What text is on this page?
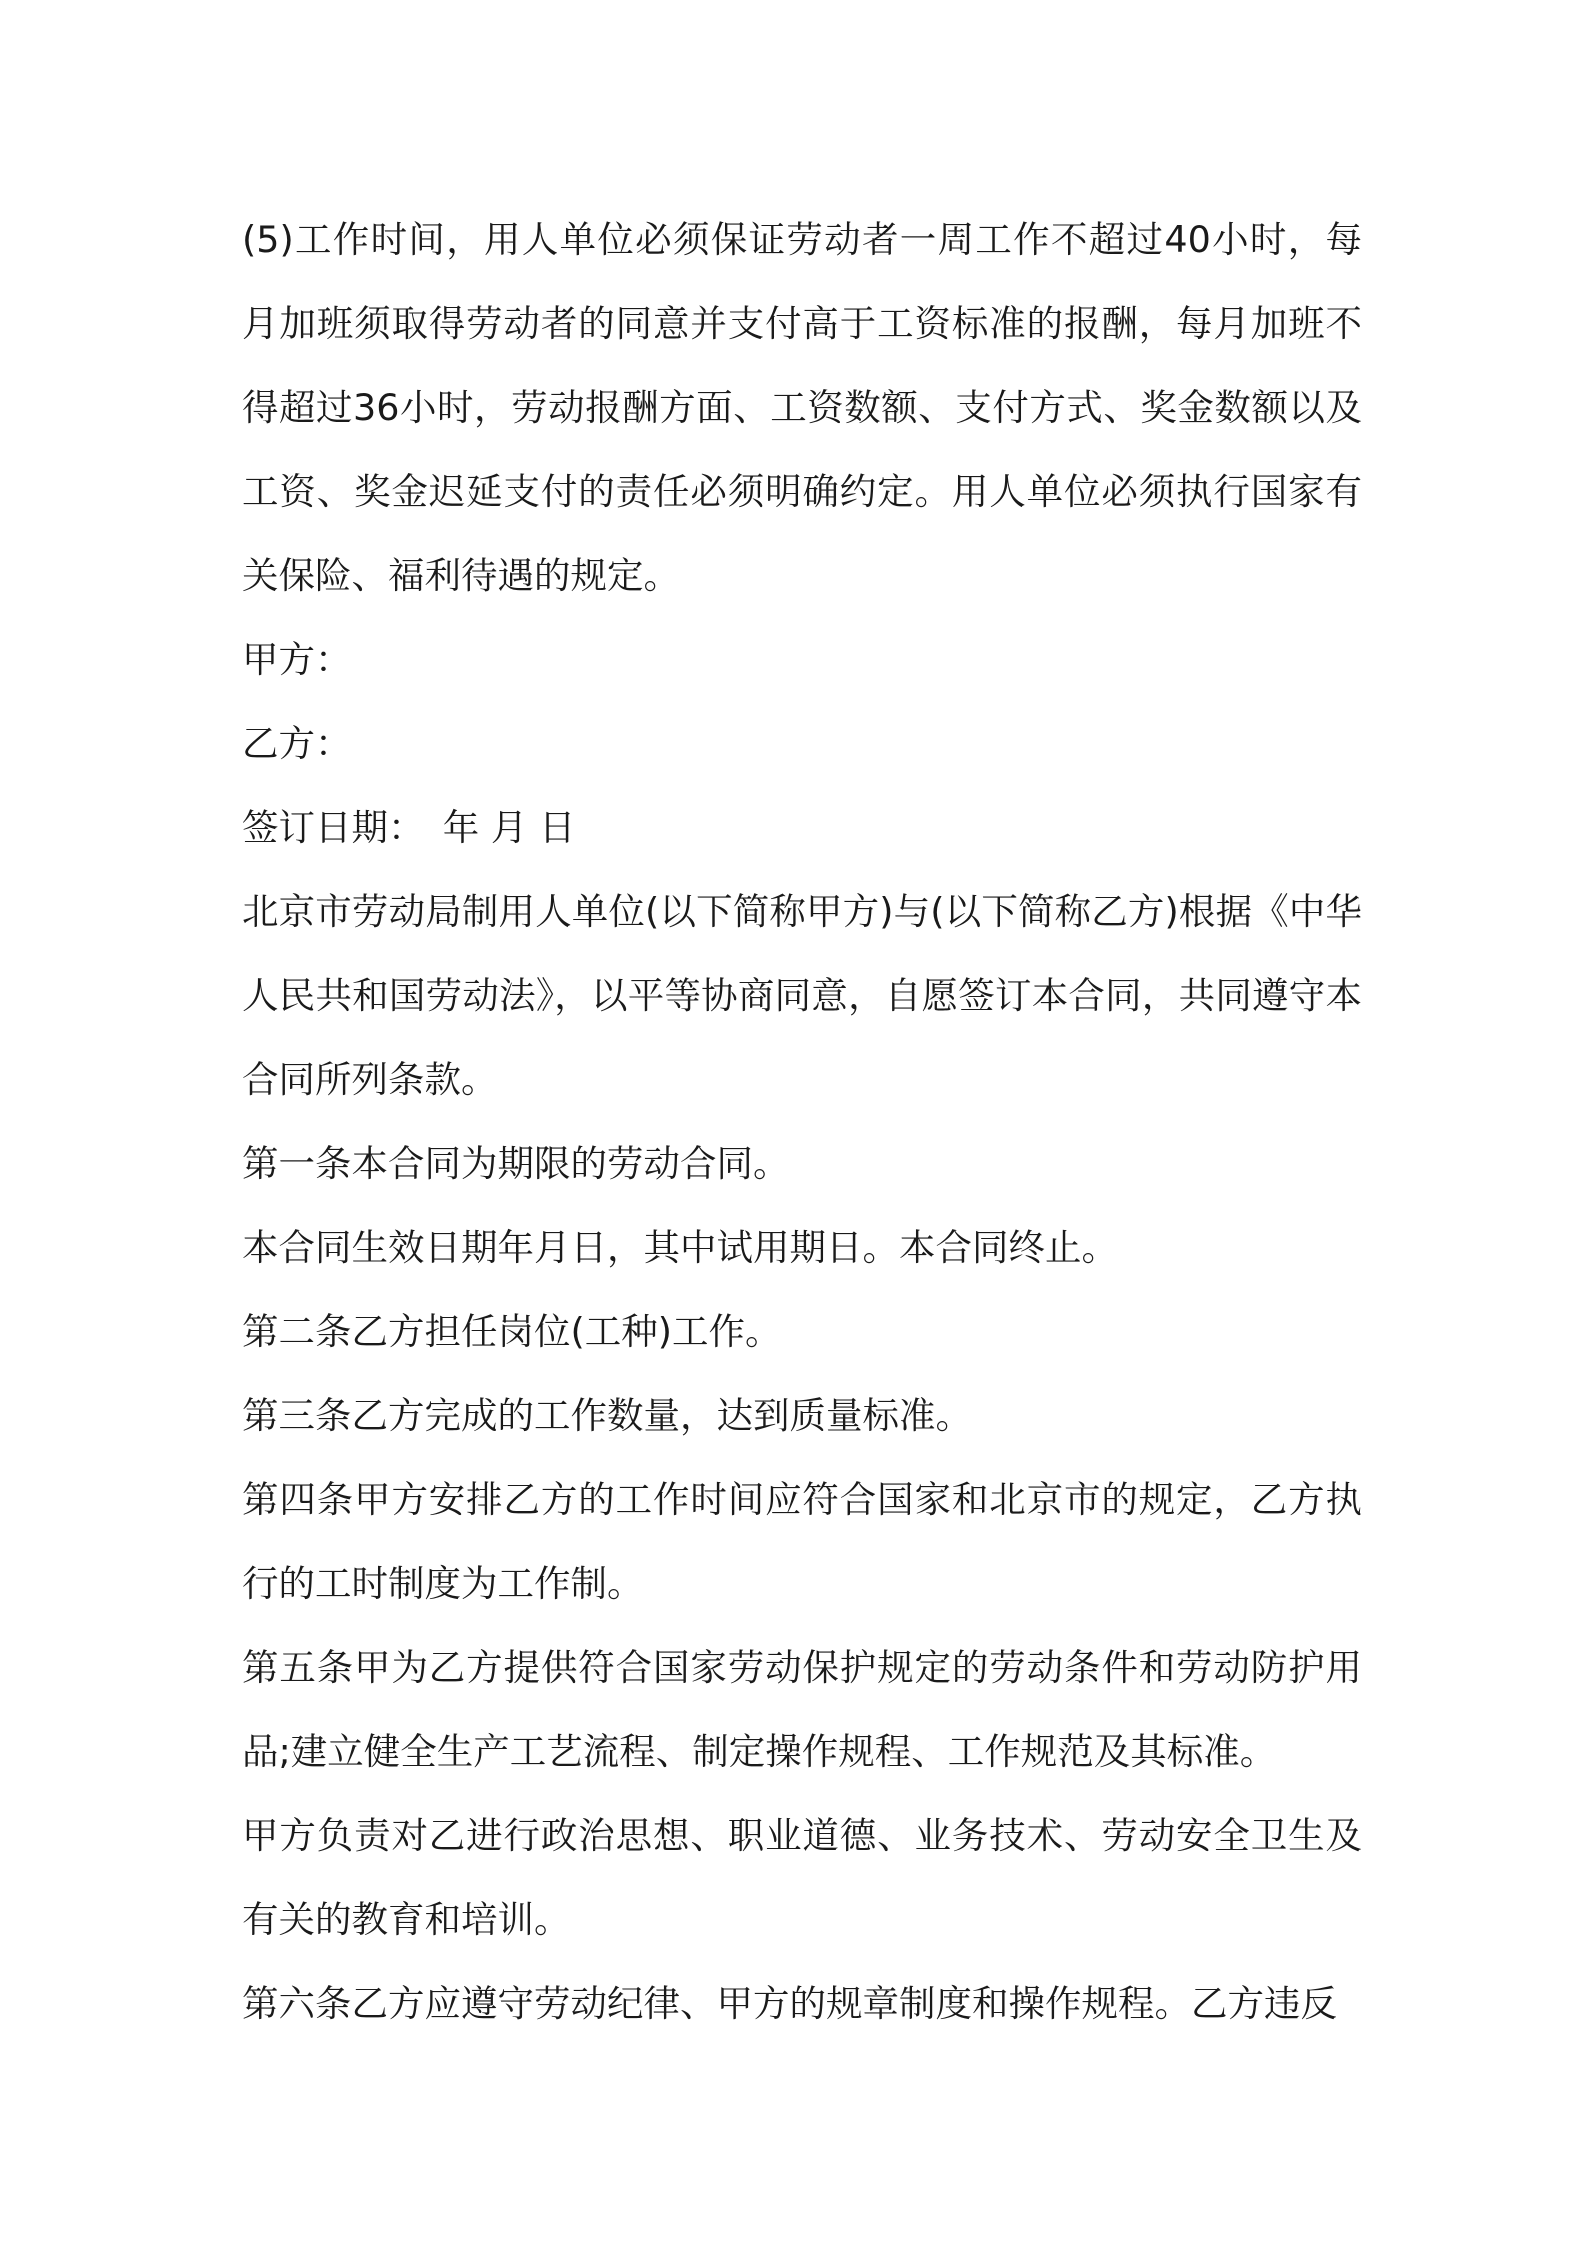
(5)工作时间，用人单位必须保证劳动者一周工作不超过40小时，每月加班须取得劳动者的同意并支付高于工资标准的报酬，每月加班不得超过36小时，劳动报酬方面、工资数额、支付方式、奖金数额以及工资、奖金迟延支付的责任必须明确约定。用人单位必须执行国家有关保险、福利待遇的规定。

甲方：

乙方：

签订日期：　年 月 日

北京市劳动局制用人单位(以下简称甲方)与(以下简称乙方)根据《中华人民共和国劳动法》，以平等协商同意，自愿签订本合同，共同遵守本合同所列条款。

第一条本合同为期限的劳动合同。

本合同生效日期年月日，其中试用期日。本合同终止。

第二条乙方担任岗位(工种)工作。

第三条乙方完成的工作数量，达到质量标准。

第四条甲方安排乙方的工作时间应符合国家和北京市的规定，乙方执行的工时制度为工作制。

第五条甲为乙方提供符合国家劳动保护规定的劳动条件和劳动防护用品;建立健全生产工艺流程、制定操作规程、工作规范及其标准。

甲方负责对乙进行政治思想、职业道德、业务技术、劳动安全卫生及有关的教育和培训。

第六条乙方应遵守劳动纪律、甲方的规章制度和操作规程。乙方违反
